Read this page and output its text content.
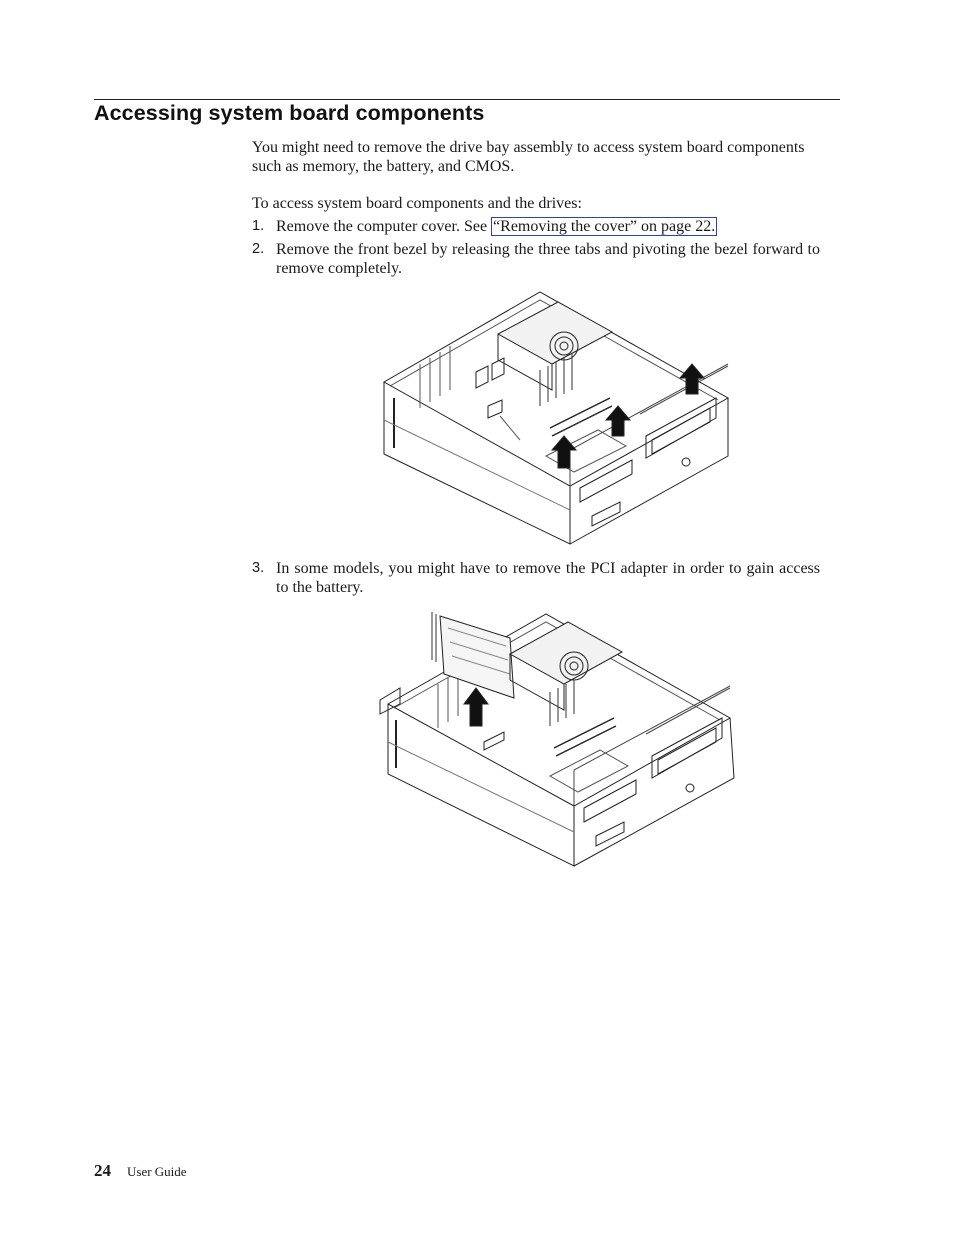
Accessing system board components
You might need to remove the drive bay assembly to access system board components such as memory, the battery, and CMOS.
To access system board components and the drives:
1. Remove the computer cover. See “Removing the cover” on page 22.
2. Remove the front bezel by releasing the three tabs and pivoting the bezel forward to remove completely.
3. In some models, you might have to remove the PCI adapter in order to gain access to the battery.
24 User Guide
